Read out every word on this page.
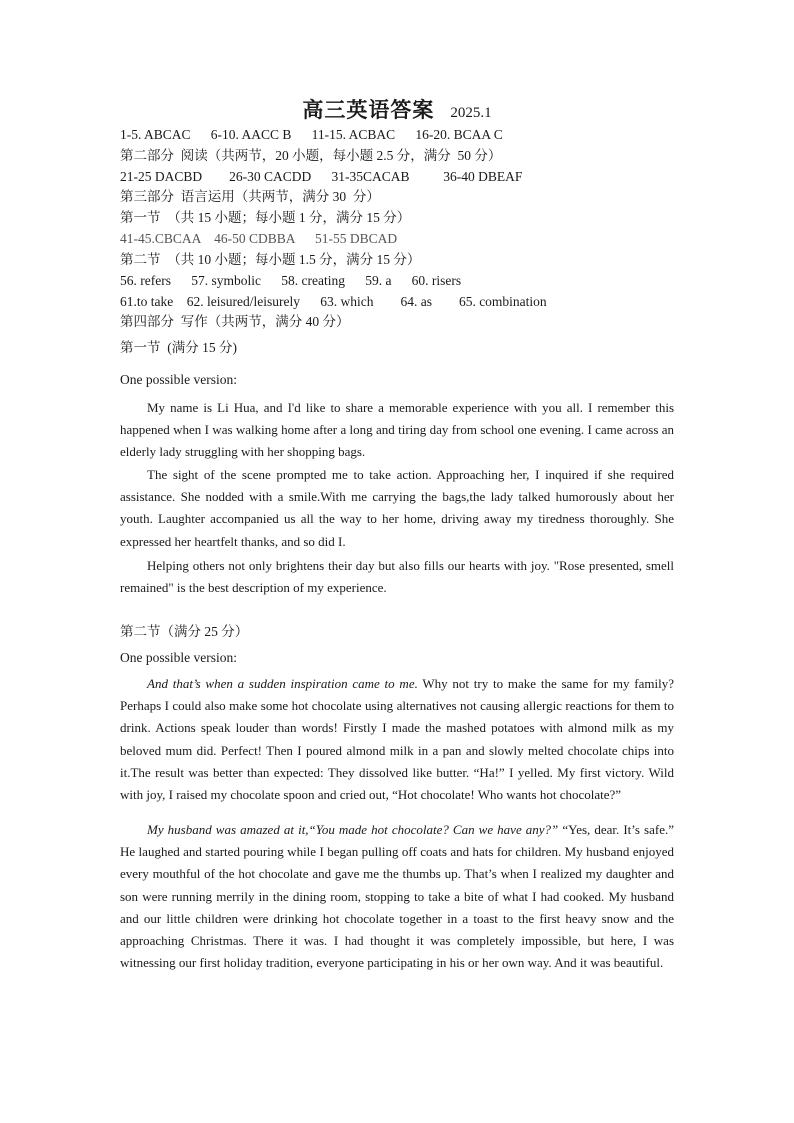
高三英语答案 2025.1
1-5. ABCAC      6-10. AACC B      11-15. ACBAC      16-20. BCAA C
第二部分  阅读（共两节，20 小题，每小题 2.5 分，满分  50 分）
21-25 DACBD        26-30 CACDD      31-35CACAB          36-40 DBEAF
第三部分  语言运用（共两节，满分 30  分）
第一节  （共 15 小题；每小题 1 分，满分 15 分）
41-45.CBCAA    46-50 CDBBA      51-55 DBCAD
第二节  （共 10 小题；每小题 1.5 分，满分 15 分）
56. refers      57. symbolic      58. creating      59. a      60. risers
61.to take    62. leisured/leisurely      63. which        64. as        65. combination
第四部分  写作（共两节，满分 40 分）
第一节  (满分 15 分)
One possible version:

My name is Li Hua, and I'd like to share a memorable experience with you all. I remember this happened when I was walking home after a long and tiring day from school one evening. I came across an elderly lady struggling with her shopping bags.

The sight of the scene prompted me to take action. Approaching her, I inquired if she required assistance. She nodded with a smile.With me carrying the bags,the lady talked humorously about her youth. Laughter accompanied us all the way to her home, driving away my tiredness thoroughly. She expressed her heartfelt thanks, and so did I.

Helping others not only brightens their day but also fills our hearts with joy. "Rose presented, smell remained" is the best description of my experience.

第二节（满分 25 分）
One possible version:

And that’s when a sudden inspiration came to me. Why not try to make the same for my family? Perhaps I could also make some hot chocolate using alternatives not causing allergic reactions for them to drink. Actions speak louder than words! Firstly I made the mashed potatoes with almond milk as my beloved mum did. Perfect! Then I poured almond milk in a pan and slowly melted chocolate chips into it.The result was better than expected: They dissolved like butter. “Ha!” I yelled. My first victory. Wild with joy, I raised my chocolate spoon and cried out, “Hot chocolate! Who wants hot chocolate?”

My husband was amazed at it,“You made hot chocolate? Can we have any?” “Yes, dear. It’s safe.” He laughed and started pouring while I began pulling off coats and hats for children. My husband enjoyed every mouthful of the hot chocolate and gave me the thumbs up. That’s when I realized my daughter and son were running merrily in the dining room, stopping to take a bite of what I had cooked. My husband and our little children were drinking hot chocolate together in a toast to the first heavy snow and the approaching Christmas. There it was. I had thought it was completely impossible, but here, I was witnessing our first holiday tradition, everyone participating in his or her own way. And it was beautiful.
